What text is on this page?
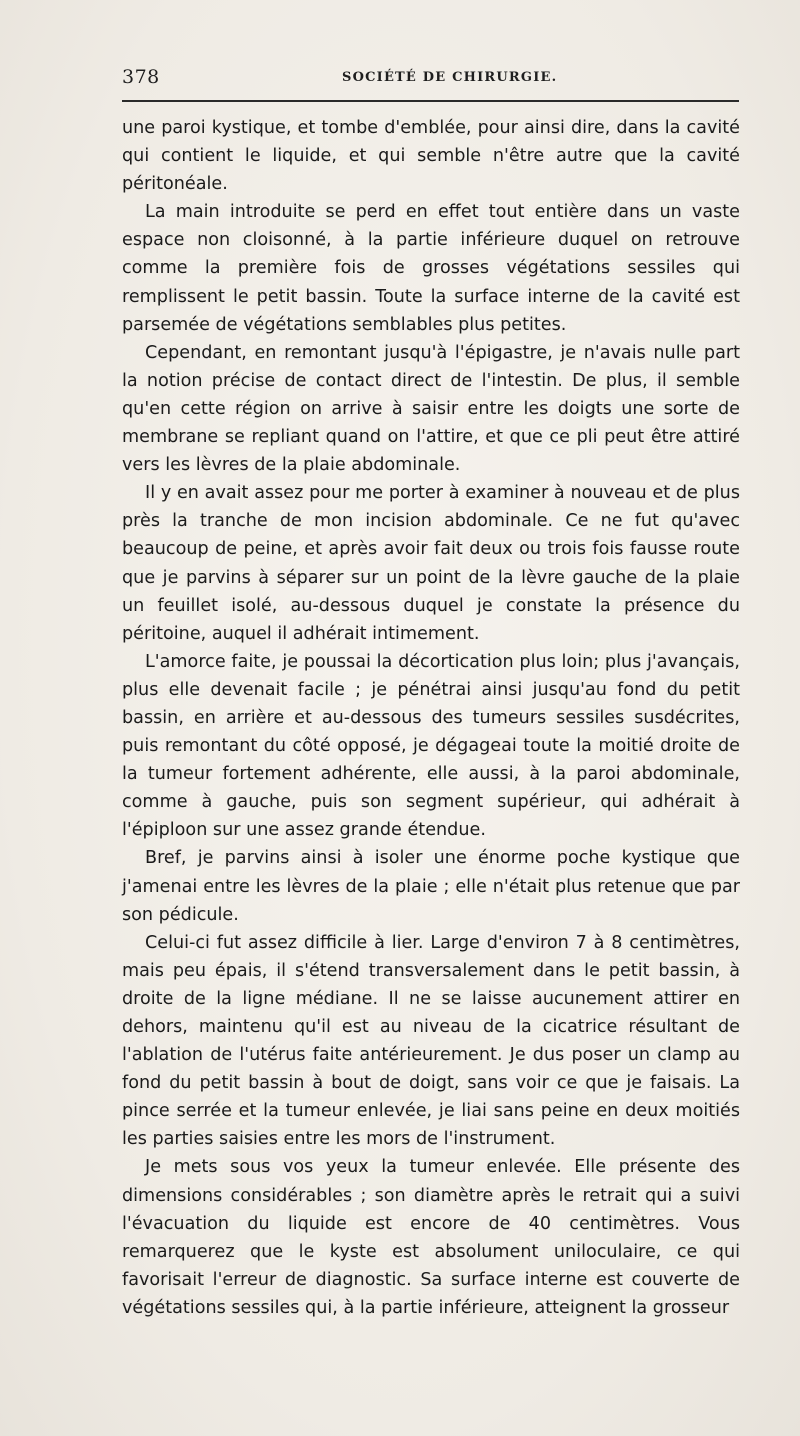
378	SOCIÉTÉ DE CHIRURGIE.

une paroi kystique, et tombe d'emblée, pour ainsi dire, dans la cavité qui contient le liquide, et qui semble n'être autre que la cavité péritonéale.

La main introduite se perd en effet tout entière dans un vaste espace non cloisonné, à la partie inférieure duquel on retrouve comme la première fois de grosses végétations sessiles qui remplissent le petit bassin. Toute la surface interne de la cavité est parsemée de végétations semblables plus petites.

Cependant, en remontant jusqu'à l'épigastre, je n'avais nulle part la notion précise de contact direct de l'intestin. De plus, il semble qu'en cette région on arrive à saisir entre les doigts une sorte de membrane se repliant quand on l'attire, et que ce pli peut être attiré vers les lèvres de la plaie abdominale.

Il y en avait assez pour me porter à examiner à nouveau et de plus près la tranche de mon incision abdominale. Ce ne fut qu'avec beaucoup de peine, et après avoir fait deux ou trois fois fausse route que je parvins à séparer sur un point de la lèvre gauche de la plaie un feuillet isolé, au-dessous duquel je constate la présence du péritoine, auquel il adhérait intimement.

L'amorce faite, je poussai la décortication plus loin; plus j'avançais, plus elle devenait facile ; je pénétrai ainsi jusqu'au fond du petit bassin, en arrière et au-dessous des tumeurs sessiles susdécrites, puis remontant du côté opposé, je dégageai toute la moitié droite de la tumeur fortement adhérente, elle aussi, à la paroi abdominale, comme à gauche, puis son segment supérieur, qui adhérait à l'épiploon sur une assez grande étendue.

Bref, je parvins ainsi à isoler une énorme poche kystique que j'amenai entre les lèvres de la plaie ; elle n'était plus retenue que par son pédicule.

Celui-ci fut assez difficile à lier. Large d'environ 7 à 8 centimètres, mais peu épais, il s'étend transversalement dans le petit bassin, à droite de la ligne médiane. Il ne se laisse aucunement attirer en dehors, maintenu qu'il est au niveau de la cicatrice résultant de l'ablation de l'utérus faite antérieurement. Je dus poser un clamp au fond du petit bassin à bout de doigt, sans voir ce que je faisais. La pince serrée et la tumeur enlevée, je liai sans peine en deux moitiés les parties saisies entre les mors de l'instrument.

Je mets sous vos yeux la tumeur enlevée. Elle présente des dimensions considérables ; son diamètre après le retrait qui a suivi l'évacuation du liquide est encore de 40 centimètres. Vous remarquerez que le kyste est absolument uniloculaire, ce qui favorisait l'erreur de diagnostic. Sa surface interne est couverte de végétations sessiles qui, à la partie inférieure, atteignent la grosseur
